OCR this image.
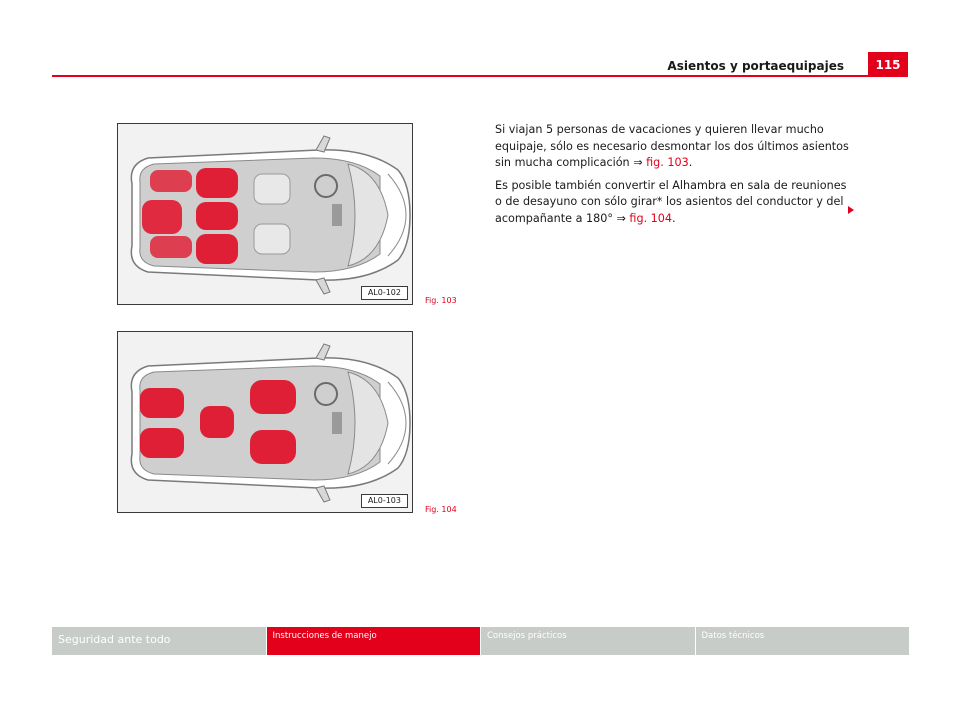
Asientos y portaequipajes	115
AL0-102
Fig. 103
AL0-103
Fig. 104

Si viajan 5 personas de vacaciones y quieren llevar mucho equipaje, sólo es necesario desmontar los dos últimos asientos sin mucha complicación ⇒ fig. 103.

Es posible también convertir el Alhambra en sala de reuniones o de desayuno con sólo girar* los asientos del conductor y del acompañante a 180° ⇒ fig. 104.

Seguridad ante todo	Instrucciones de manejo	Consejos prácticos	Datos técnicos
